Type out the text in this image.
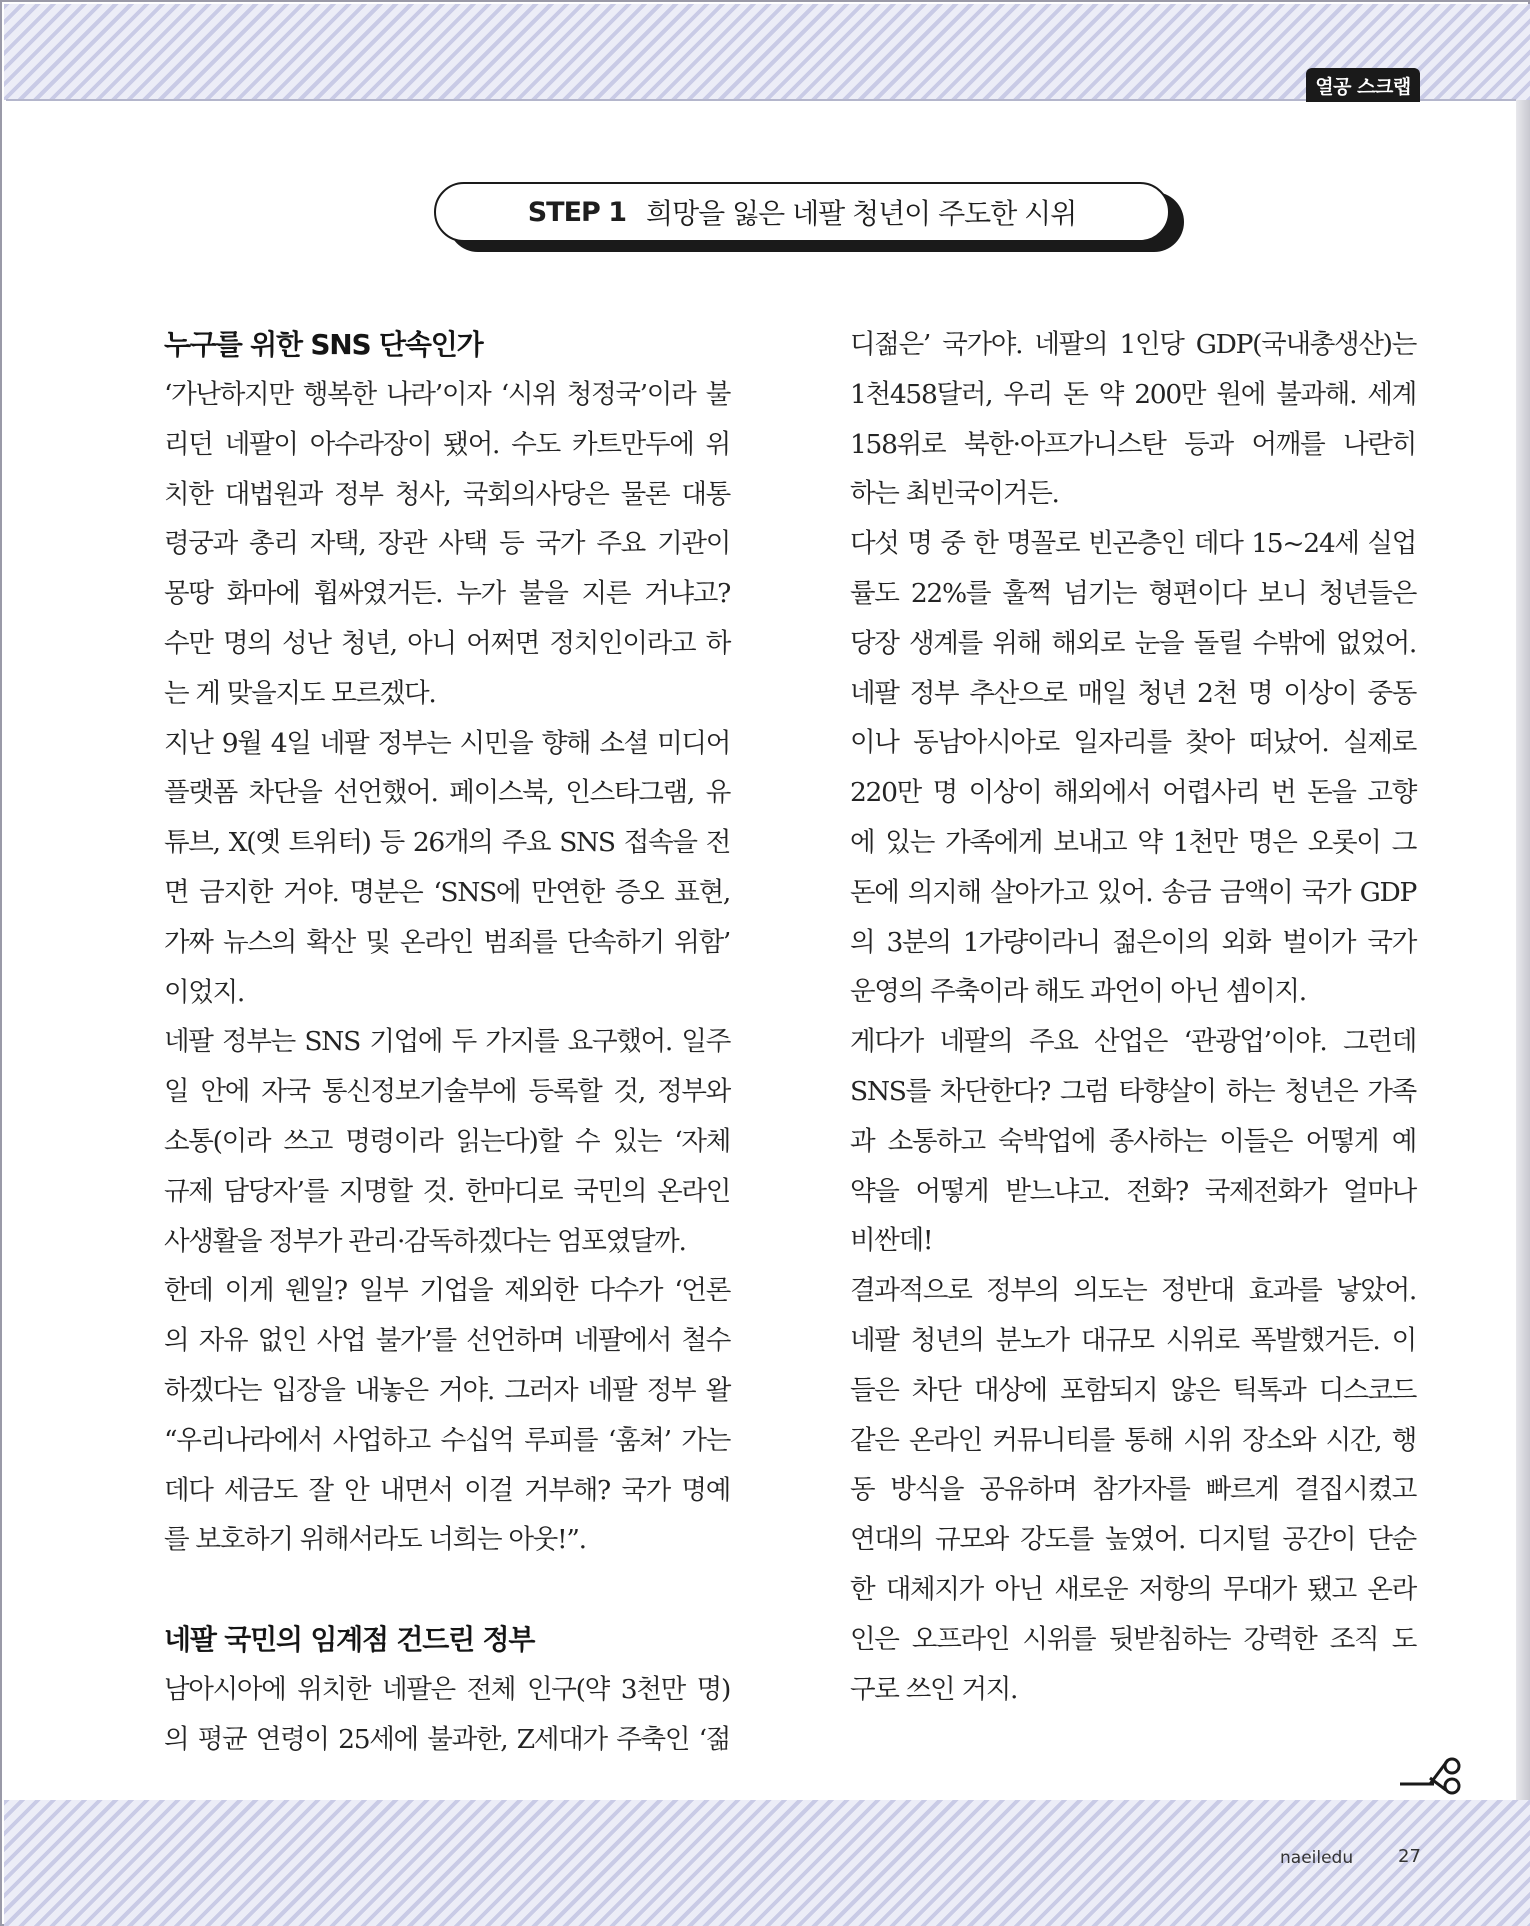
열공 스크랩
STEP 1 희망을 잃은 네팔 청년이 주도한 시위
누구를 위한 SNS 단속인가
‘가난하지만 행복한 나라’이자 ‘시위 청정국’이라 불
리던 네팔이 아수라장이 됐어. 수도 카트만두에 위
치한 대법원과 정부 청사, 국회의사당은 물론 대통
령궁과 총리 자택, 장관 사택 등 국가 주요 기관이
몽땅 화마에 휩싸였거든. 누가 불을 지른 거냐고?
수만 명의 성난 청년, 아니 어쩌면 정치인이라고 하
는 게 맞을지도 모르겠다.
지난 9월 4일 네팔 정부는 시민을 향해 소셜 미디어
플랫폼 차단을 선언했어. 페이스북, 인스타그램, 유
튜브, X(옛 트위터) 등 26개의 주요 SNS 접속을 전
면 금지한 거야. 명분은 ‘SNS에 만연한 증오 표현,
가짜 뉴스의 확산 및 온라인 범죄를 단속하기 위함’
이었지.
네팔 정부는 SNS 기업에 두 가지를 요구했어. 일주
일 안에 자국 통신정보기술부에 등록할 것, 정부와
소통(이라 쓰고 명령이라 읽는다)할 수 있는 ‘자체
규제 담당자’를 지명할 것. 한마디로 국민의 온라인
사생활을 정부가 관리·감독하겠다는 엄포였달까.
한데 이게 웬일? 일부 기업을 제외한 다수가 ‘언론
의 자유 없인 사업 불가’를 선언하며 네팔에서 철수
하겠다는 입장을 내놓은 거야. 그러자 네팔 정부 왈
“우리나라에서 사업하고 수십억 루피를 ‘훔쳐’ 가는
데다 세금도 잘 안 내면서 이걸 거부해? 국가 명예
를 보호하기 위해서라도 너희는 아웃!”.
네팔 국민의 임계점 건드린 정부
남아시아에 위치한 네팔은 전체 인구(약 3천만 명)
의 평균 연령이 25세에 불과한, Z세대가 주축인 ‘젊
디젊은’ 국가야. 네팔의 1인당 GDP(국내총생산)는
1천458달러, 우리 돈 약 200만 원에 불과해. 세계
158위로 북한·아프가니스탄 등과 어깨를 나란히
하는 최빈국이거든.
다섯 명 중 한 명꼴로 빈곤층인 데다 15~24세 실업
률도 22%를 훌쩍 넘기는 형편이다 보니 청년들은
당장 생계를 위해 해외로 눈을 돌릴 수밖에 없었어.
네팔 정부 추산으로 매일 청년 2천 명 이상이 중동
이나 동남아시아로 일자리를 찾아 떠났어. 실제로
220만 명 이상이 해외에서 어렵사리 번 돈을 고향
에 있는 가족에게 보내고 약 1천만 명은 오롯이 그
돈에 의지해 살아가고 있어. 송금 금액이 국가 GDP
의 3분의 1가량이라니 젊은이의 외화 벌이가 국가
운영의 주축이라 해도 과언이 아닌 셈이지.
게다가 네팔의 주요 산업은 ‘관광업’이야. 그런데
SNS를 차단한다? 그럼 타향살이 하는 청년은 가족
과 소통하고 숙박업에 종사하는 이들은 어떻게 예
약을 어떻게 받느냐고. 전화? 국제전화가 얼마나
비싼데!
결과적으로 정부의 의도는 정반대 효과를 낳았어.
네팔 청년의 분노가 대규모 시위로 폭발했거든. 이
들은 차단 대상에 포함되지 않은 틱톡과 디스코드
같은 온라인 커뮤니티를 통해 시위 장소와 시간, 행
동 방식을 공유하며 참가자를 빠르게 결집시켰고
연대의 규모와 강도를 높였어. 디지털 공간이 단순
한 대체지가 아닌 새로운 저항의 무대가 됐고 온라
인은 오프라인 시위를 뒷받침하는 강력한 조직 도
구로 쓰인 거지.
naeiledu 27
